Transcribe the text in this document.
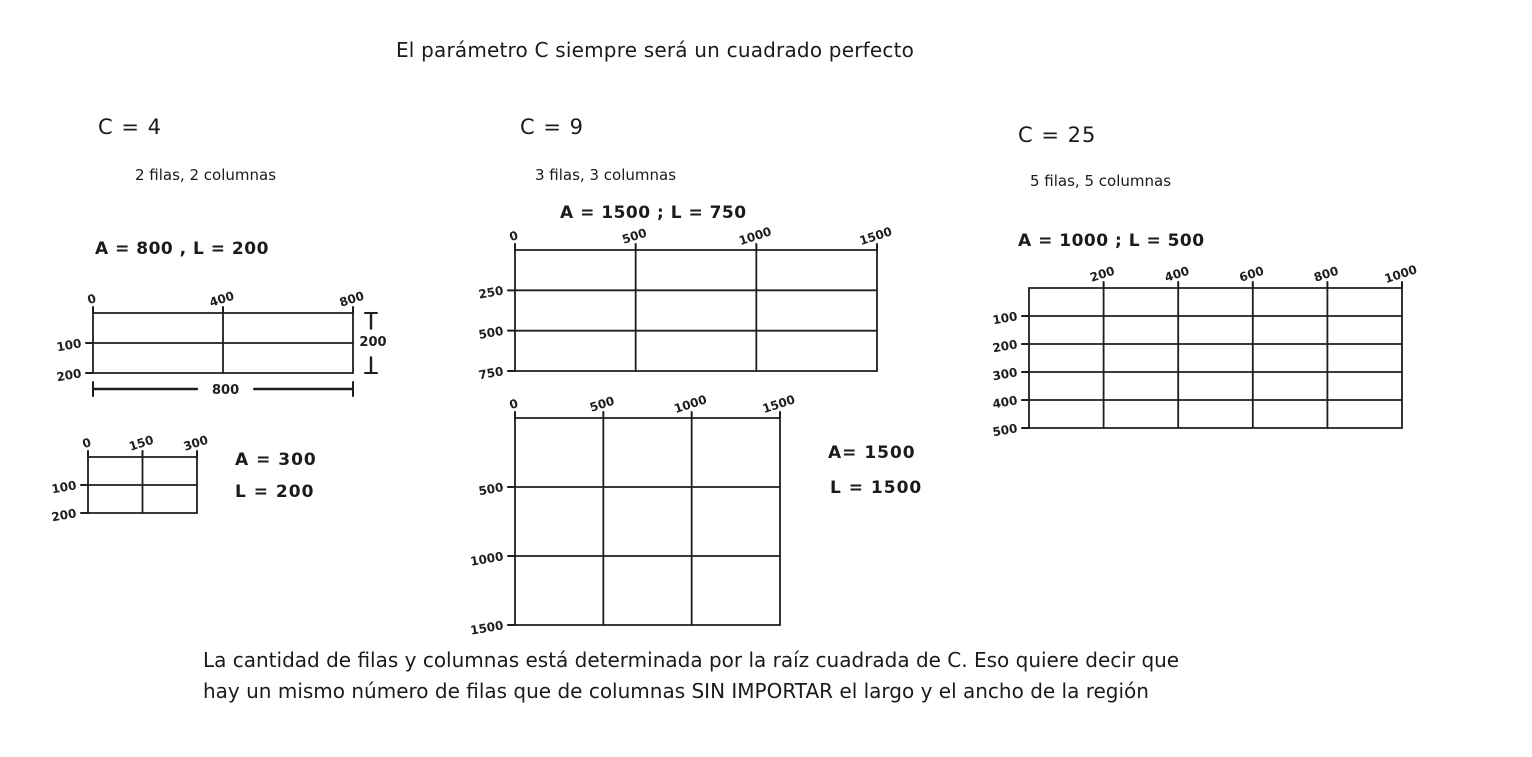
El parámetro C siempre será un cuadrado perfecto
C = 4
2 filas, 2 columnas
A = 800 , L = 200
A = 300
L = 200
C = 9
3 filas, 3 columnas
A = 1500 ; L = 750
A= 1500
L = 1500
C = 25
5 filas, 5 columnas
A = 1000 ; L = 500
0	400	800
100
200
800
200
0	150 300
100
200
0	500	1000	1500
250
500
750
0	500	1000	1500
500
1000
1500
200	400	600	800	1000
100
200
300
400
500
La cantidad de filas y columnas está determinada por la raíz cuadrada de C. Eso quiere decir que
hay un mismo número de filas que de columnas SIN IMPORTAR el largo y el ancho de la región
